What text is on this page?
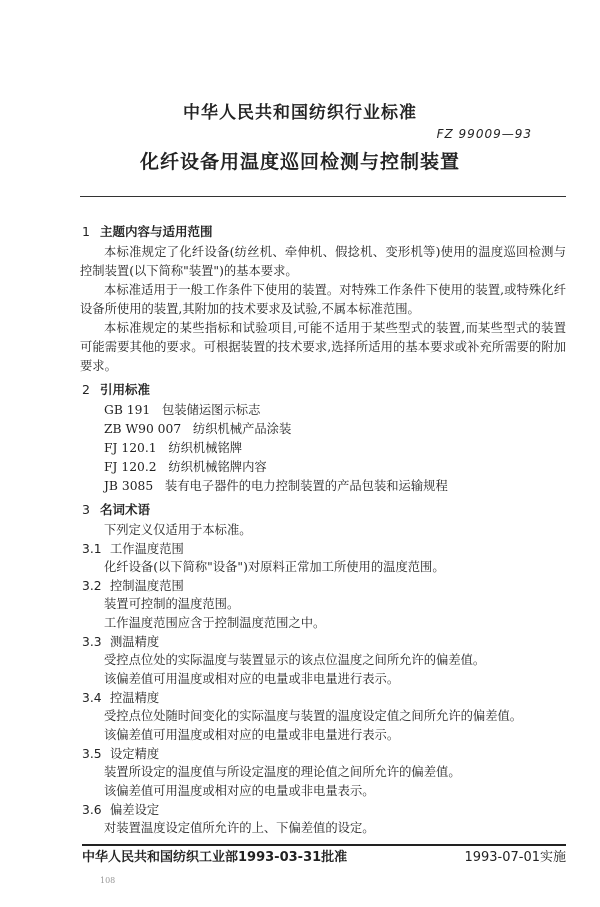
中华人民共和国纺织行业标准
FZ 99009—93
化纤设备用温度巡回检测与控制装置
1 主题内容与适用范围

本标准规定了化纤设备(纺丝机、牵伸机、假捻机、变形机等)使用的温度巡回检测与控制装置(以下简称"装置")的基本要求。

本标准适用于一般工作条件下使用的装置。对特殊工作条件下使用的装置,或特殊化纤设备所使用的装置,其附加的技术要求及试验,不属本标准范围。

本标准规定的某些指标和试验项目,可能不适用于某些型式的装置,而某些型式的装置可能需要其他的要求。可根据装置的技术要求,选择所适用的基本要求或补充所需要的附加要求。

2 引用标准
GB 191 包装储运图示标志
ZB W90 007 纺织机械产品涂装
FJ 120.1 纺织机械铭牌
FJ 120.2 纺织机械铭牌内容
JB 3085 装有电子器件的电力控制装置的产品包装和运输规程
3 名词术语
下列定义仅适用于本标准。
3.1 工作温度范围
化纤设备(以下简称"设备")对原料正常加工所使用的温度范围。
3.2 控制温度范围
装置可控制的温度范围。
工作温度范围应含于控制温度范围之中。
3.3 测温精度
受控点位处的实际温度与装置显示的该点位温度之间所允许的偏差值。
该偏差值可用温度或相对应的电量或非电量进行表示。
3.4 控温精度
受控点位处随时间变化的实际温度与装置的温度设定值之间所允许的偏差值。
该偏差值可用温度或相对应的电量或非电量进行表示。
3.5 设定精度
装置所设定的温度值与所设定温度的理论值之间所允许的偏差值。
该偏差值可用温度或相对应的电量或非电量表示。
3.6 偏差设定
对装置温度设定值所允许的上、下偏差值的设定。
中华人民共和国纺织工业部1993-03-31批准	1993-07-01实施
108
